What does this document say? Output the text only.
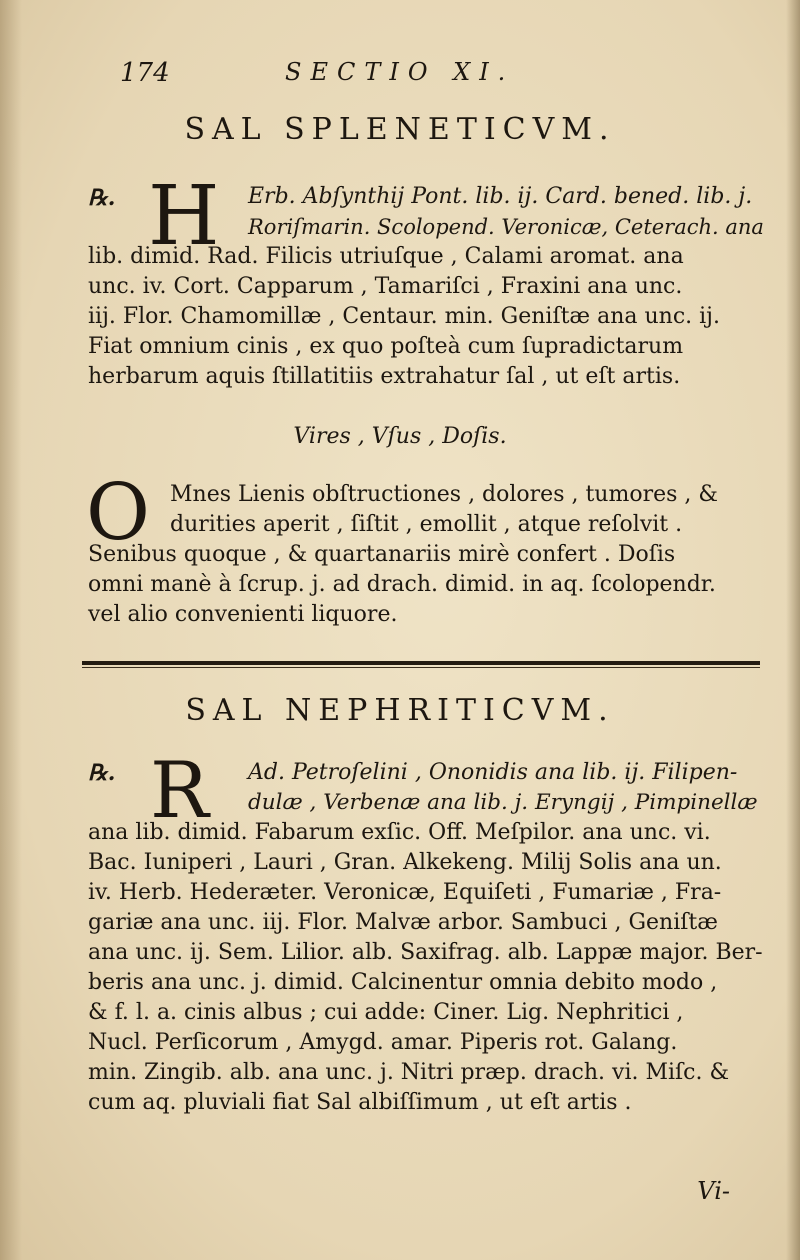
174	SECTIO XI.
SAL SPLENETICVM.
℞. H	Erb. Abſynthij Pont. lib. ij. Card. bened. lib. j.
Roriſmarin. Scolopend. Veronicæ, Ceterach. ana
lib. dimid. Rad. Filicis utriuſque , Calami aromat. ana
unc. iv. Cort. Capparum , Tamariſci , Fraxini ana unc.
iij. Flor. Chamomillæ , Centaur. min. Geniſtæ ana unc. ij.
Fiat omnium cinis , ex quo poſteà cum ſupradictarum
herbarum aquis ſtillatitiis extrahatur ſal , ut eſt artis.
Vires , Vſus , Doſis.
O Mnes Lienis obſtructiones , dolores , tumores , &
durities aperit , ſiſtit , emollit , atque reſolvit .
Senibus quoque , & quartanariis mirè confert . Doſis
omni manè à ſcrup. j. ad drach. dimid. in aq. ſcolopendr.
vel alio convenienti liquore.
SAL NEPHRITICVM.
℞. R	Ad. Petroſelini , Ononidis ana lib. ij. Filipen-
dulæ , Verbenæ ana lib. j. Eryngij , Pimpinellæ
ana lib. dimid. Fabarum exſic. Off. Meſpilor. ana unc. vi.
Bac. Iuniperi , Lauri , Gran. Alkekeng. Milij Solis ana un.
iv. Herb. Hederæter. Veronicæ, Equiſeti , Fumariæ , Fra-
gariæ ana unc. iij. Flor. Malvæ arbor. Sambuci , Geniſtæ
ana unc. ij. Sem. Lilior. alb. Saxifrag. alb. Lappæ major. Ber-
beris ana unc. j. dimid. Calcinentur omnia debito modo ,
& f. l. a. cinis albus ; cui adde: Ciner. Lig. Nephritici ,
Nucl. Perſicorum , Amygd. amar. Piperis rot. Galang.
min. Zingib. alb. ana unc. j. Nitri præp. drach. vi. Miſc. &
cum aq. pluviali fiat Sal albiſſimum , ut eſt artis .
Vi-
